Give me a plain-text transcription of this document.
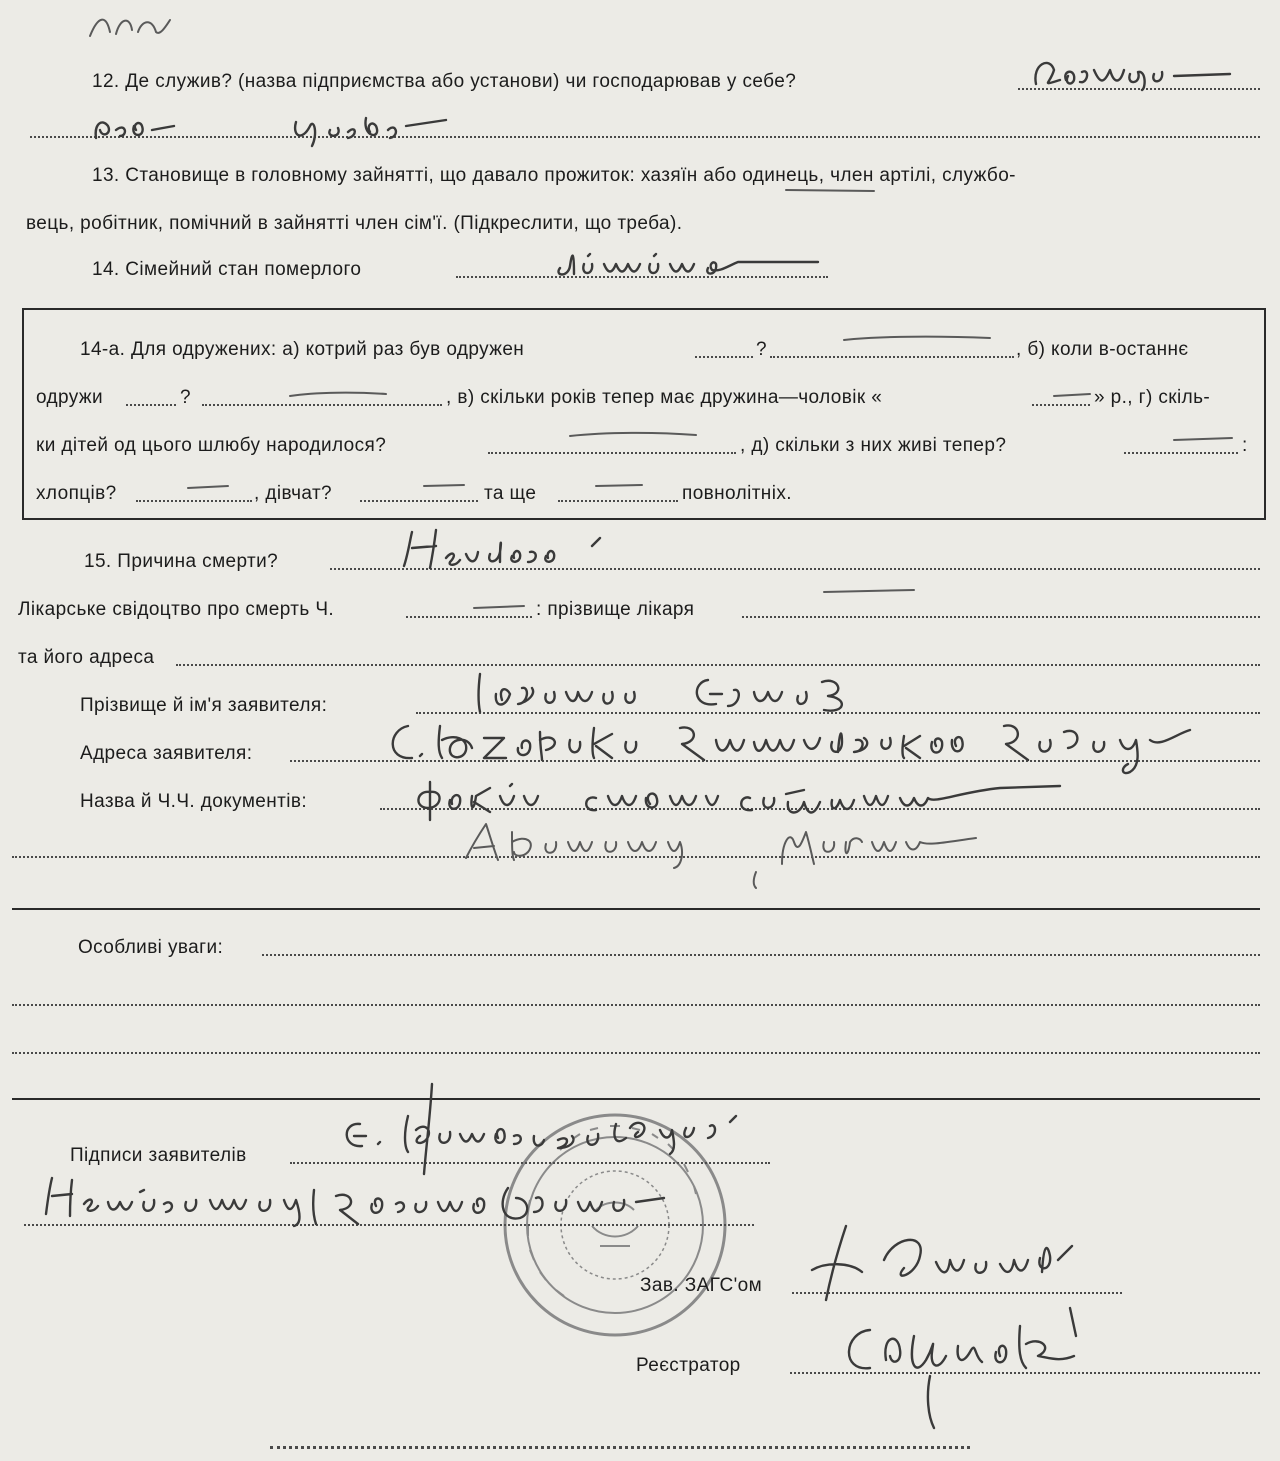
12. Де служив? (назва підприємства або установи) чи господарював у себе?
13. Становище в головному зайнятті, що давало прожиток: хазяїн або одинець, член артілі, службо-
вець, робітник, помічний в зайнятті член сім'ї. (Підкреслити, що треба).
14. Сімейний стан померлого
14-а. Для одружених: а) котрий раз був одружен	?	, б) коли в-останнє
одружи	?	, в) скільки років тепер має дружина—чоловік «	» р., г) скіль-
ки дітей од цього шлюбу народилося?	, д) скільки з них живі тепер?	:
хлопців?	, дівчат?	та ще	повнолітніх.
15. Причина смерти?
Лікарське свідоцтво про смерть Ч.	: прізвище лікаря
та його адреса
Прізвище й ім'я заявителя:
Адреса заявителя:
Назва й Ч.Ч. документів:
Особливі уваги:
Підписи заявителів
Зав. ЗАГС'ом
Реєстратор
